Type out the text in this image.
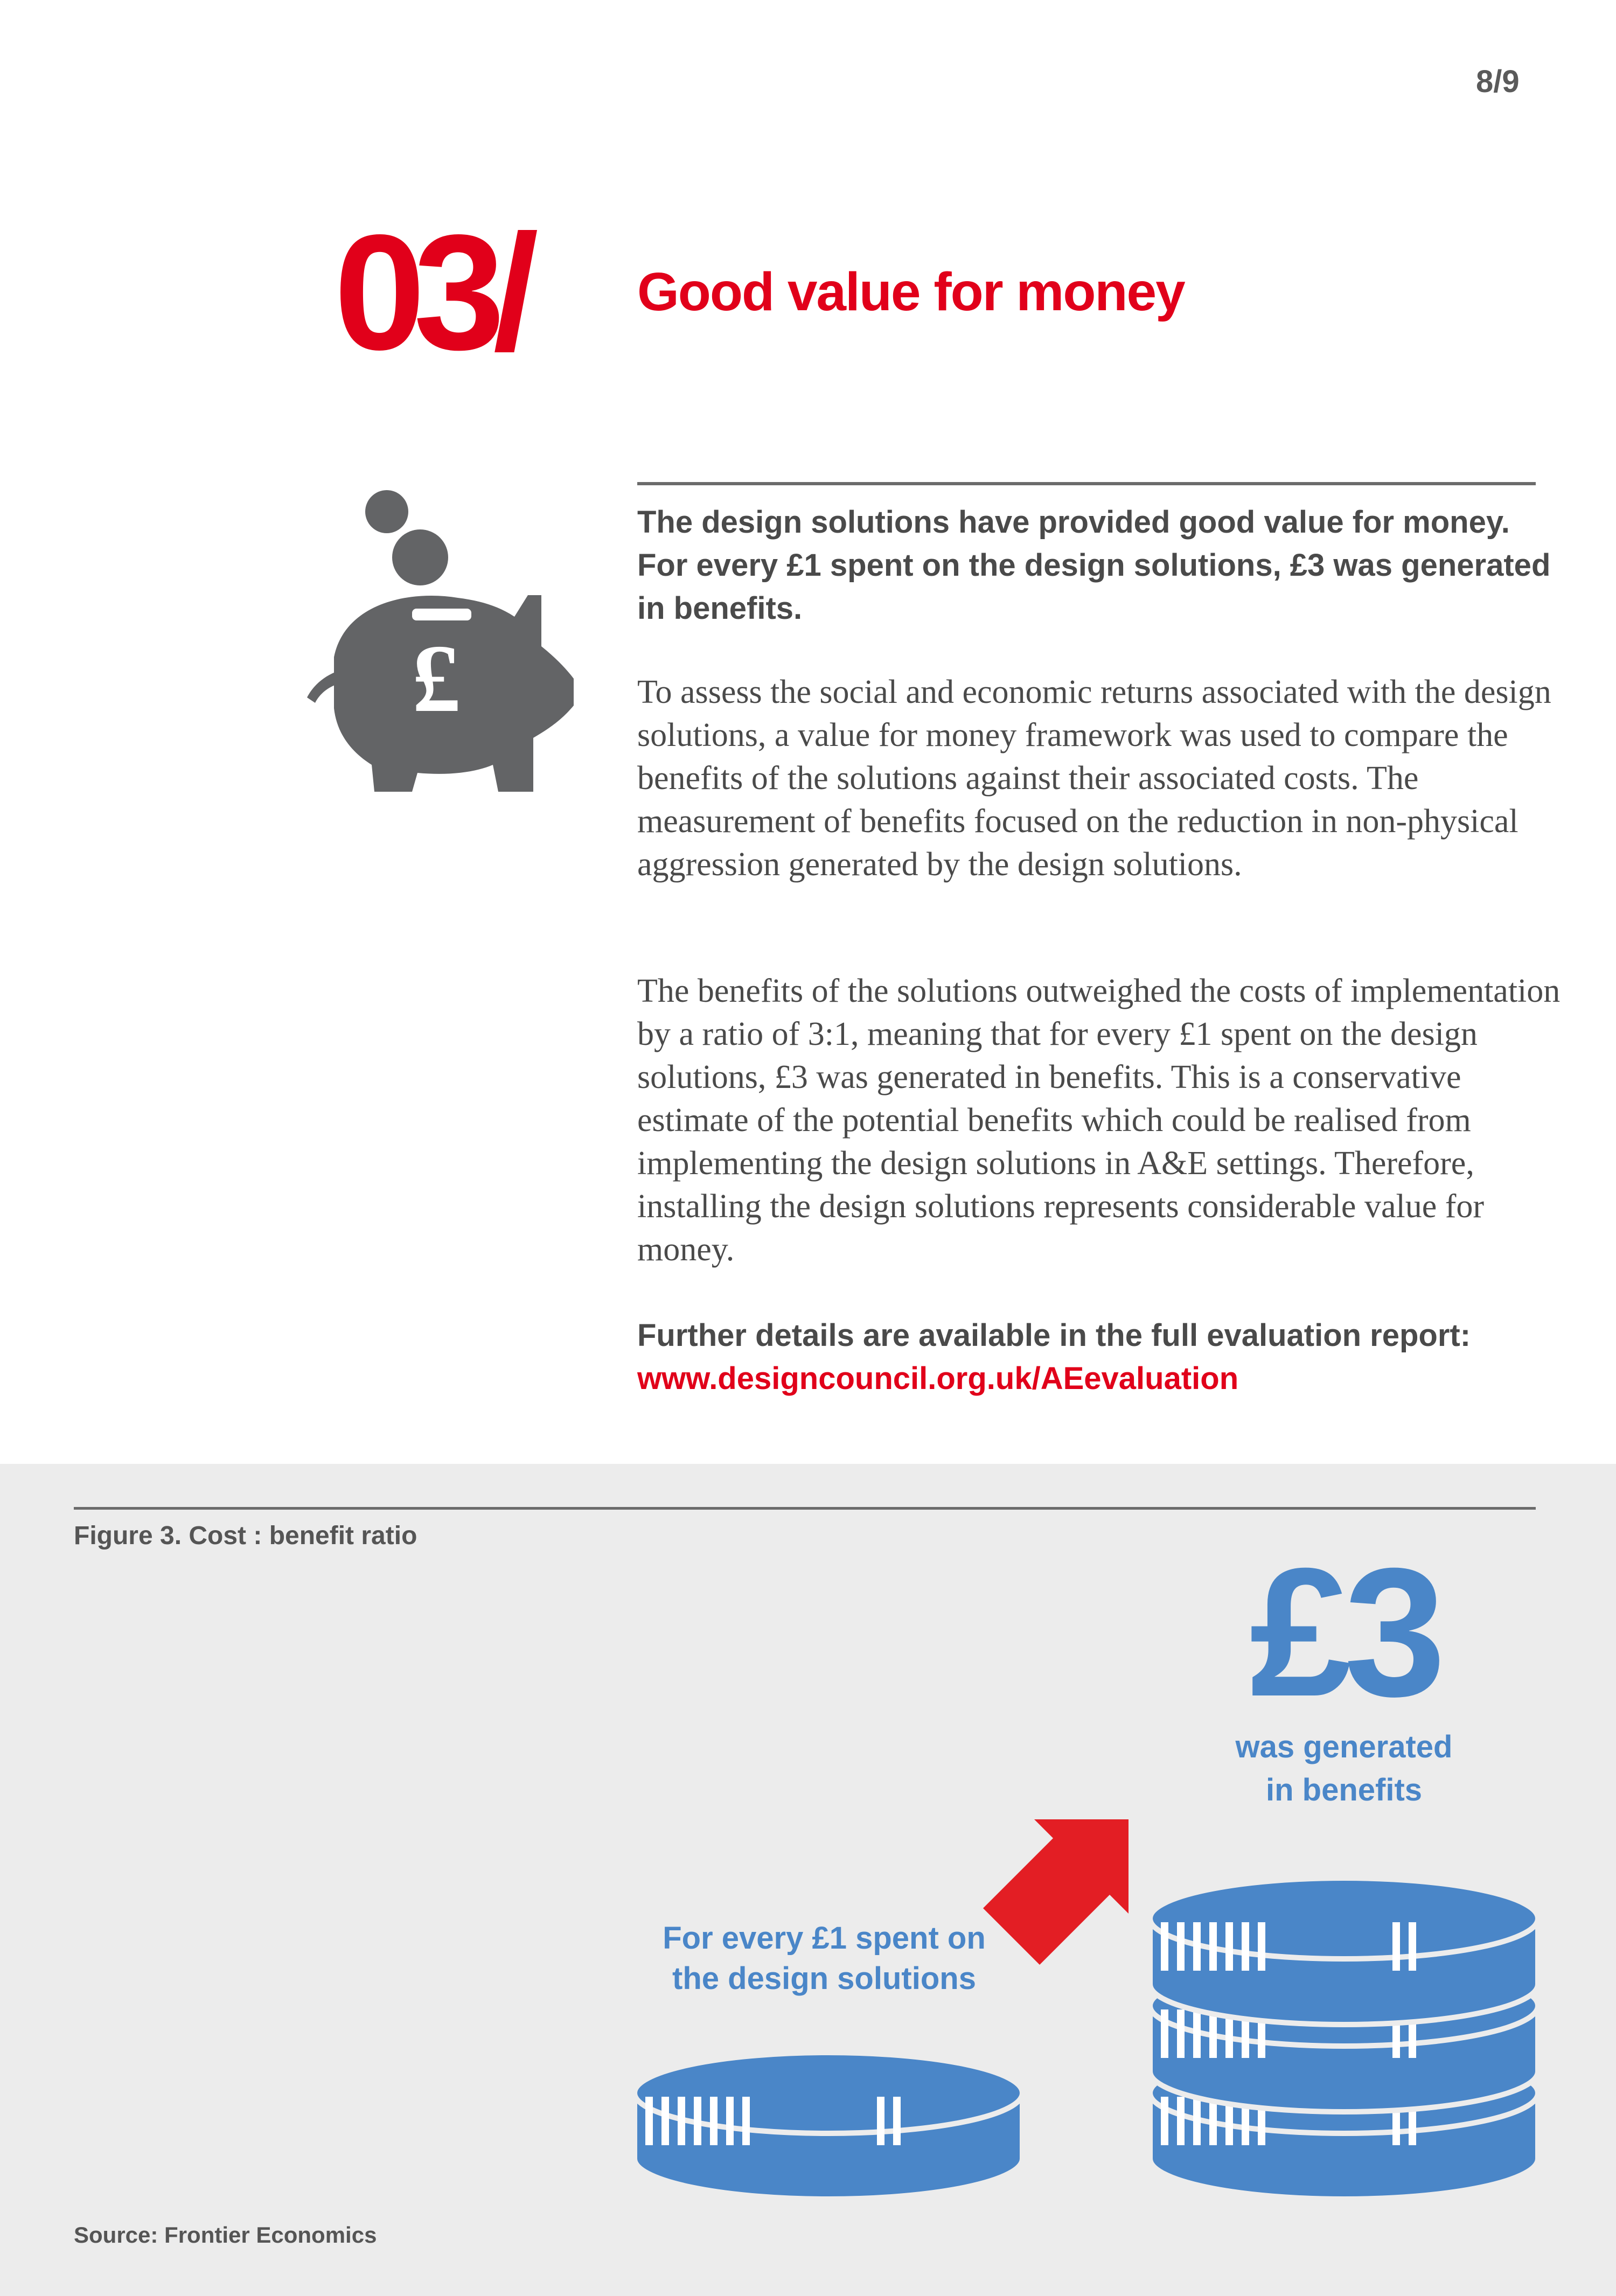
8/9
03/ Good value for money
£
The design solutions have provided good value for money. For every £1 spent on the design solutions, £3 was generated in benefits.
To assess the social and economic returns associated with the design solutions, a value for money framework was used to compare the benefits of the solutions against their associated costs. The measurement of benefits focused on the reduction in non-physical aggression generated by the design solutions.
The benefits of the solutions outweighed the costs of implementation by a ratio of 3:1, meaning that for every £1 spent on the design solutions, £3 was generated in benefits. This is a conservative estimate of the potential benefits which could be realised from implementing the design solutions in A&E settings. Therefore, installing the design solutions represents considerable value for money.
Further details are available in the full evaluation report:
www.designcouncil.org.uk/AEevaluation
For every £1 spent on
the design solutions
£3
was generated
in benefits
Figure 3. Cost : benefit ratio
Source: Frontier Economics
